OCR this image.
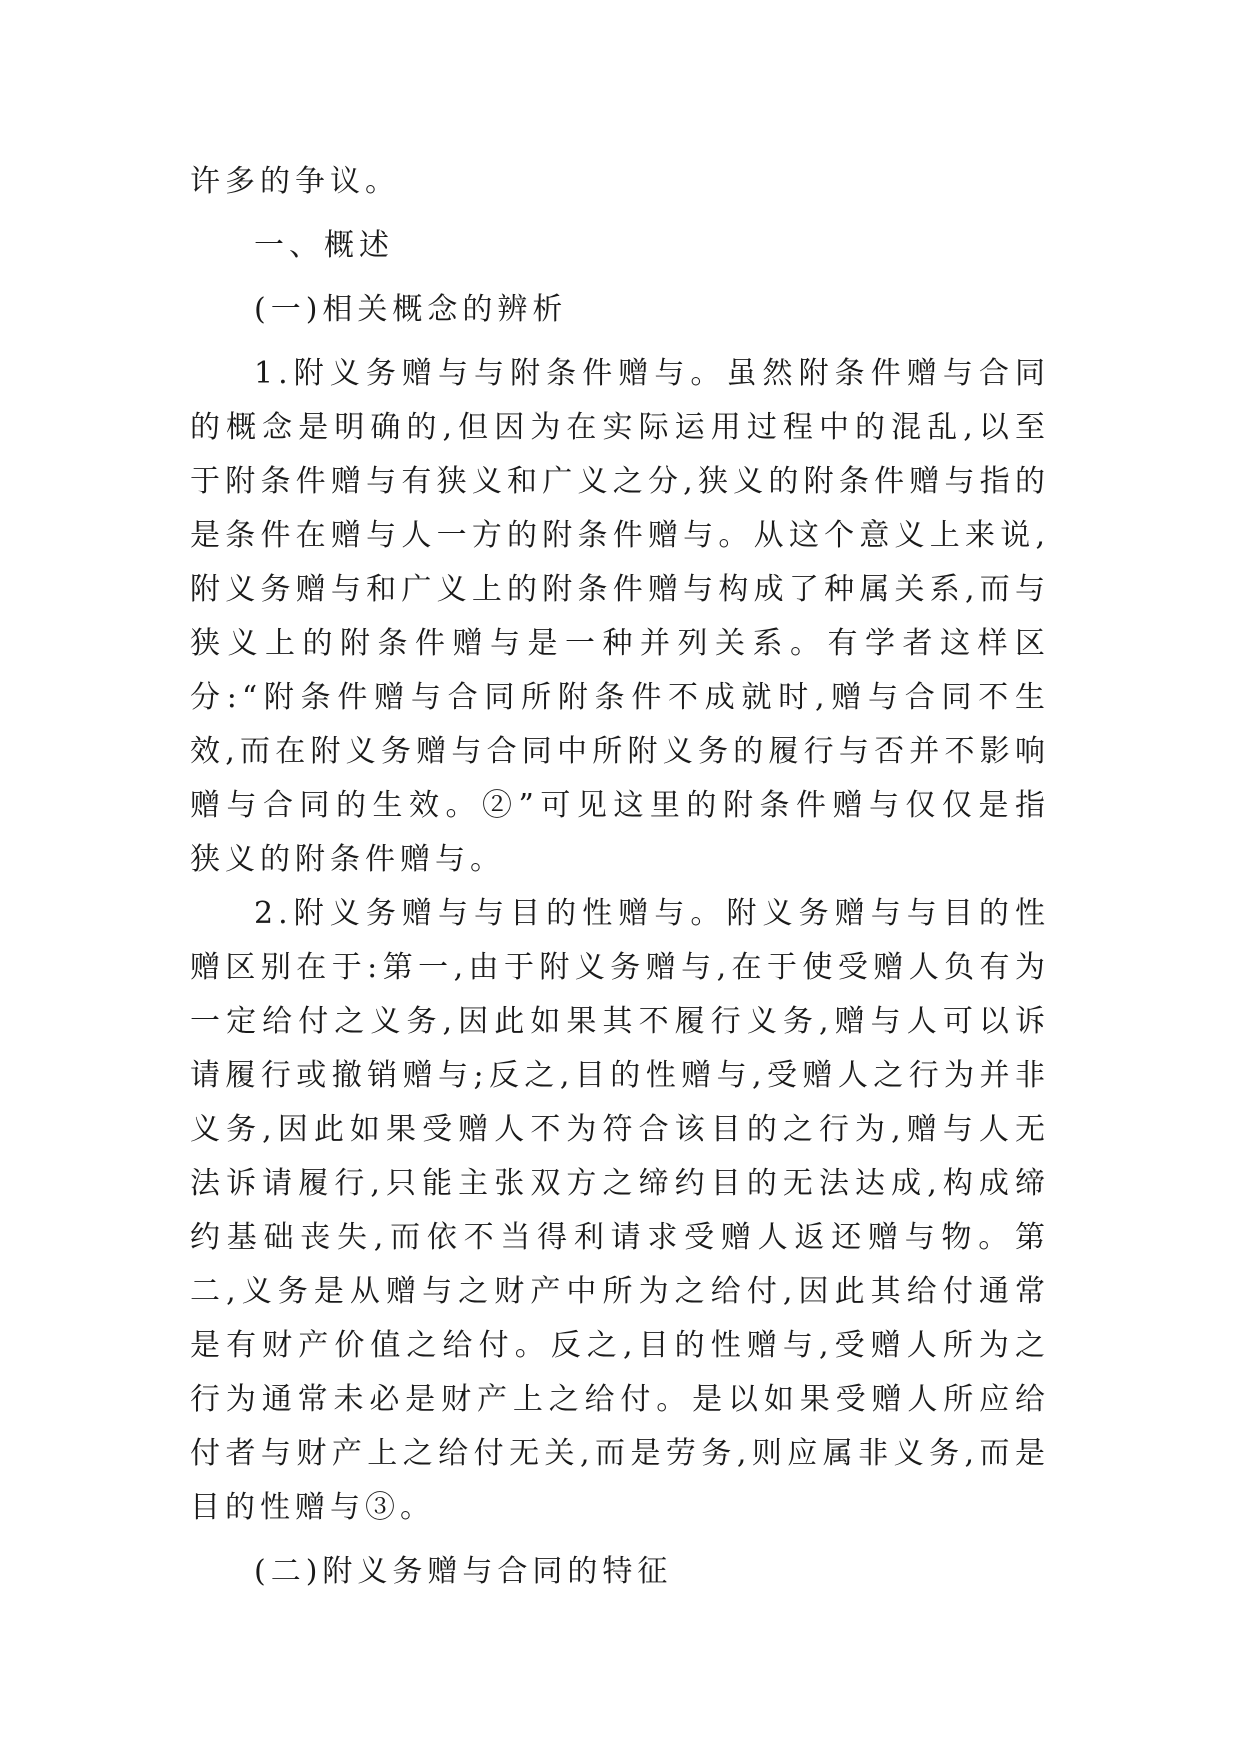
许多的争议。

一、概述

(一)相关概念的辨析

1.附义务赠与与附条件赠与。虽然附条件赠与合同的概念是明确的,但因为在实际运用过程中的混乱,以至于附条件赠与有狭义和广义之分,狭义的附条件赠与指的是条件在赠与人一方的附条件赠与。从这个意义上来说,附义务赠与和广义上的附条件赠与构成了种属关系,而与狭义上的附条件赠与是一种并列关系。有学者这样区分:“附条件赠与合同所附条件不成就时,赠与合同不生效,而在附义务赠与合同中所附义务的履行与否并不影响赠与合同的生效。②”可见这里的附条件赠与仅仅是指狭义的附条件赠与。

2.附义务赠与与目的性赠与。附义务赠与与目的性赠区别在于:第一,由于附义务赠与,在于使受赠人负有为一定给付之义务,因此如果其不履行义务,赠与人可以诉请履行或撤销赠与;反之,目的性赠与,受赠人之行为并非义务,因此如果受赠人不为符合该目的之行为,赠与人无法诉请履行,只能主张双方之缔约目的无法达成,构成缔约基础丧失,而依不当得利请求受赠人返还赠与物。第二,义务是从赠与之财产中所为之给付,因此其给付通常是有财产价值之给付。反之,目的性赠与,受赠人所为之行为通常未必是财产上之给付。是以如果受赠人所应给付者与财产上之给付无关,而是劳务,则应属非义务,而是目的性赠与③。

(二)附义务赠与合同的特征
